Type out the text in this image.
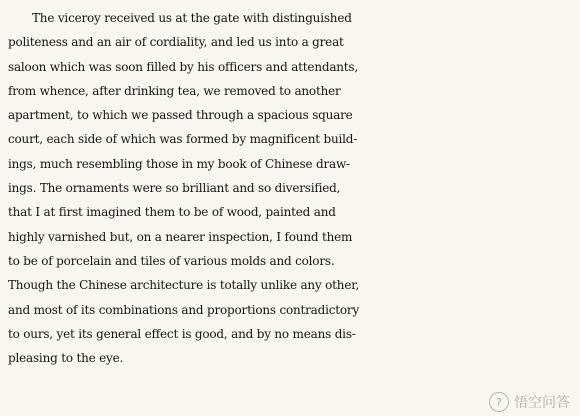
The viceroy received us at the gate with distinguished
politeness and an air of cordiality, and led us into a great
saloon which was soon filled by his officers and attendants,
from whence, after drinking tea, we removed to another
apartment, to which we passed through a spacious square
court, each side of which was formed by magnificent build-
ings, much resembling those in my book of Chinese draw-
ings. The ornaments were so brilliant and so diversified,
that I at first imagined them to be of wood, painted and
highly varnished but, on a nearer inspection, I found them
to be of porcelain and tiles of various molds and colors.
Though the Chinese architecture is totally unlike any other,
and most of its combinations and proportions contradictory
to ours, yet its general effect is good, and by no means dis-
pleasing to the eye.
? 悟空问答
